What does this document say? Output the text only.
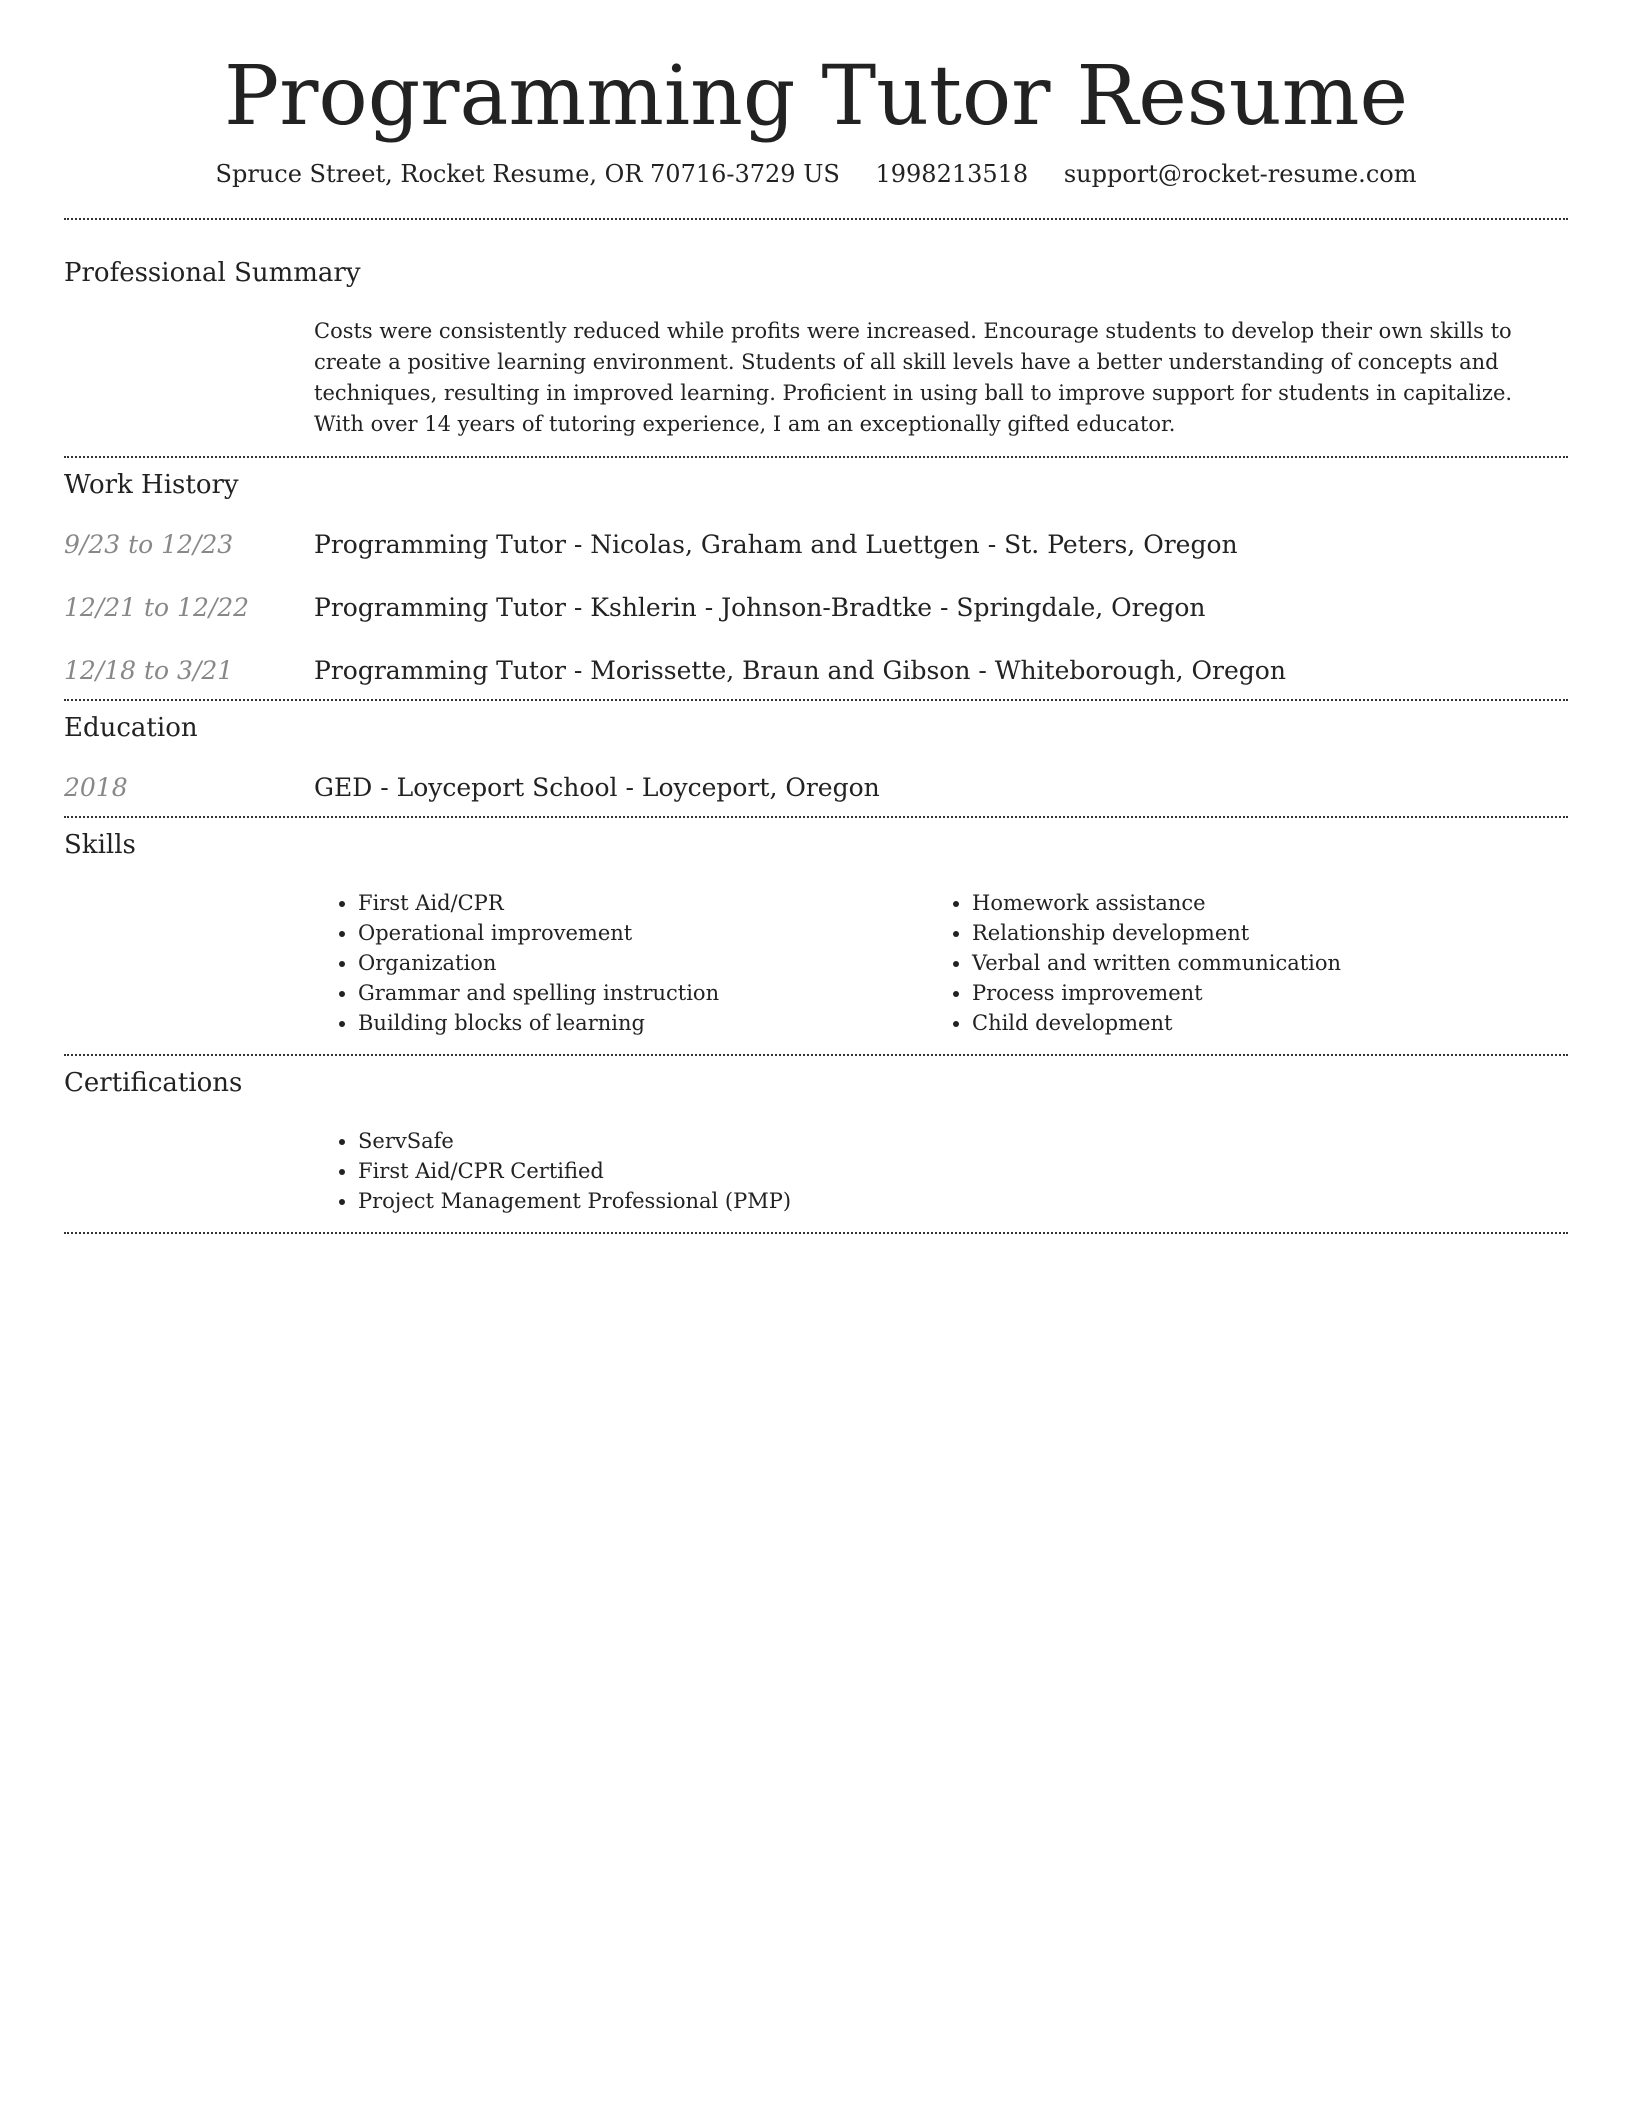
Programming Tutor Resume
Spruce Street, Rocket Resume, OR 70716-3729 US 1998213518 support@rocket-resume.com
Professional Summary

Costs were consistently reduced while profits were increased. Encourage students to develop their own skills to create a positive learning environment. Students of all skill levels have a better understanding of concepts and techniques, resulting in improved learning. Proficient in using ball to improve support for students in capitalize. With over 14 years of tutoring experience, I am an exceptionally gifted educator.

Work History
9/23 to 12/23	Programming Tutor - Nicolas, Graham and Luettgen - St. Peters, Oregon
12/21 to 12/22	Programming Tutor - Kshlerin - Johnson-Bradtke - Springdale, Oregon
12/18 to 3/21	Programming Tutor - Morissette, Braun and Gibson - Whiteborough, Oregon
Education
2018	GED - Loyceport School - Loyceport, Oregon
Skills
• First Aid/CPR
• Operational improvement
• Organization
• Grammar and spelling instruction
• Building blocks of learning
• Homework assistance
• Relationship development
• Verbal and written communication
• Process improvement
• Child development
Certifications
• ServSafe
• First Aid/CPR Certified
• Project Management Professional (PMP)
